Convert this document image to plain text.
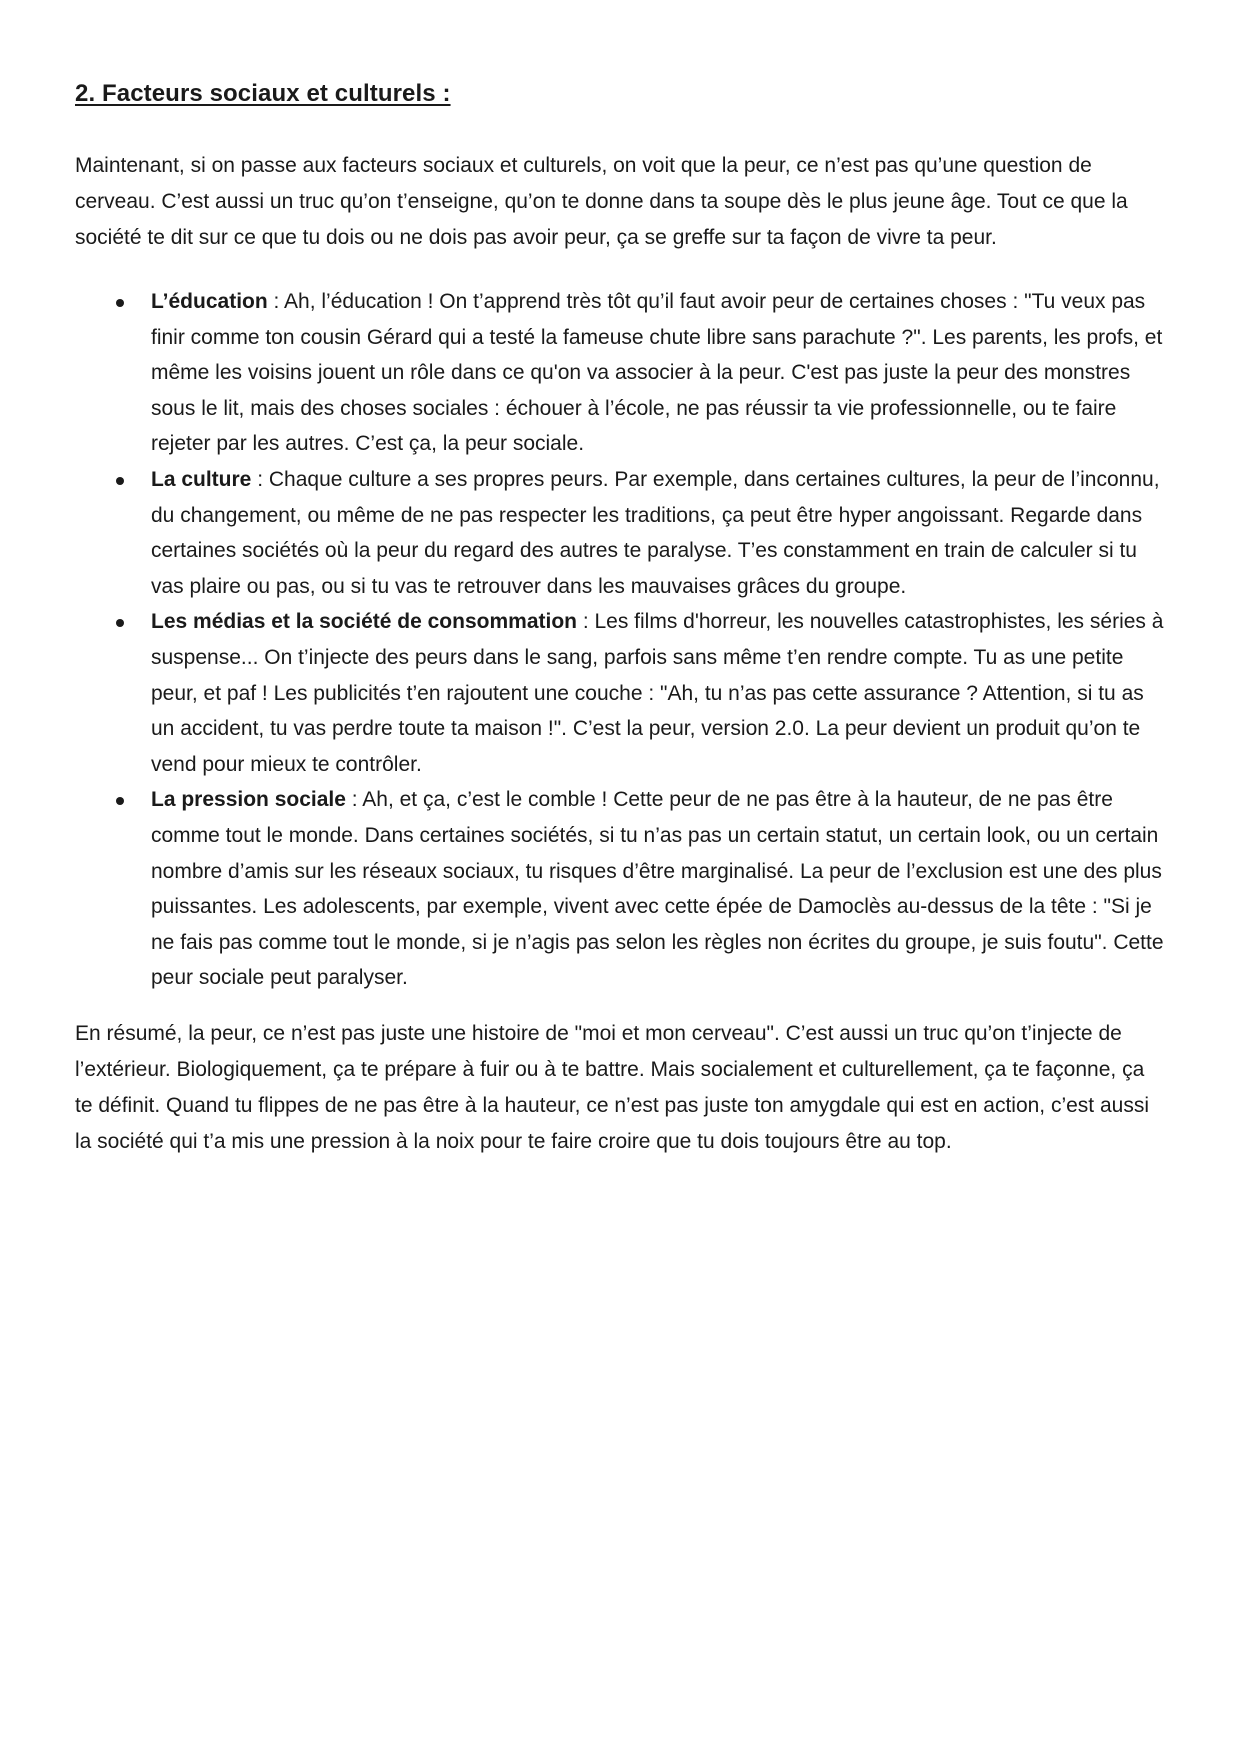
2. Facteurs sociaux et culturels :

Maintenant, si on passe aux facteurs sociaux et culturels, on voit que la peur, ce n’est pas qu’une question de cerveau. C’est aussi un truc qu’on t’enseigne, qu’on te donne dans ta soupe dès le plus jeune âge. Tout ce que la société te dit sur ce que tu dois ou ne dois pas avoir peur, ça se greffe sur ta façon de vivre ta peur.

L’éducation : Ah, l’éducation ! On t’apprend très tôt qu’il faut avoir peur de certaines choses : "Tu veux pas finir comme ton cousin Gérard qui a testé la fameuse chute libre sans parachute ?". Les parents, les profs, et même les voisins jouent un rôle dans ce qu'on va associer à la peur. C'est pas juste la peur des monstres sous le lit, mais des choses sociales : échouer à l’école, ne pas réussir ta vie professionnelle, ou te faire rejeter par les autres. C’est ça, la peur sociale.
La culture : Chaque culture a ses propres peurs. Par exemple, dans certaines cultures, la peur de l’inconnu, du changement, ou même de ne pas respecter les traditions, ça peut être hyper angoissant. Regarde dans certaines sociétés où la peur du regard des autres te paralyse. T’es constamment en train de calculer si tu vas plaire ou pas, ou si tu vas te retrouver dans les mauvaises grâces du groupe.
Les médias et la société de consommation : Les films d'horreur, les nouvelles catastrophistes, les séries à suspense... On t’injecte des peurs dans le sang, parfois sans même t’en rendre compte. Tu as une petite peur, et paf ! Les publicités t’en rajoutent une couche : "Ah, tu n’as pas cette assurance ? Attention, si tu as un accident, tu vas perdre toute ta maison !". C’est la peur, version 2.0. La peur devient un produit qu’on te vend pour mieux te contrôler.
La pression sociale : Ah, et ça, c’est le comble ! Cette peur de ne pas être à la hauteur, de ne pas être comme tout le monde. Dans certaines sociétés, si tu n’as pas un certain statut, un certain look, ou un certain nombre d’amis sur les réseaux sociaux, tu risques d’être marginalisé. La peur de l’exclusion est une des plus puissantes. Les adolescents, par exemple, vivent avec cette épée de Damoclès au-dessus de la tête : "Si je ne fais pas comme tout le monde, si je n’agis pas selon les règles non écrites du groupe, je suis foutu". Cette peur sociale peut paralyser.

En résumé, la peur, ce n’est pas juste une histoire de "moi et mon cerveau". C’est aussi un truc qu’on t’injecte de l’extérieur. Biologiquement, ça te prépare à fuir ou à te battre. Mais socialement et culturellement, ça te façonne, ça te définit. Quand tu flippes de ne pas être à la hauteur, ce n’est pas juste ton amygdale qui est en action, c’est aussi la société qui t’a mis une pression à la noix pour te faire croire que tu dois toujours être au top.
